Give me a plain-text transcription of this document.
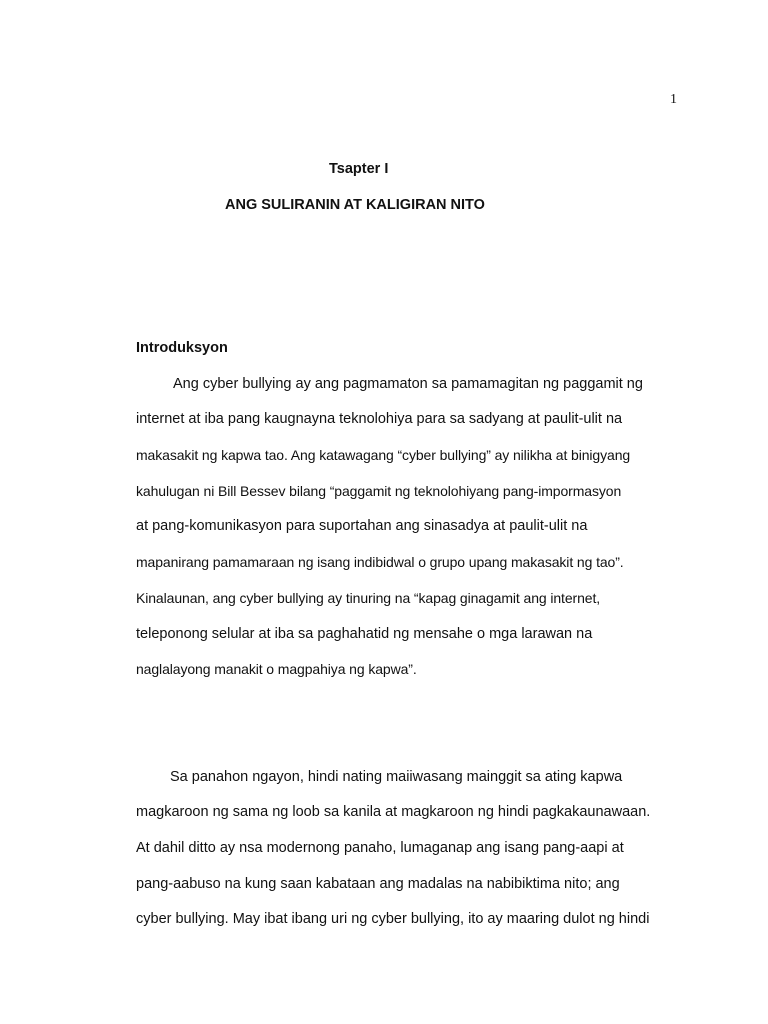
1
Tsapter I
ANG SULIRANIN AT KALIGIRAN NITO
Introduksyon
Ang cyber bullying ay ang pagmamaton sa pamamagitan ng paggamit ng
internet at iba pang kaugnayna teknolohiya para sa sadyang at paulit-ulit na
makasakit ng kapwa tao. Ang katawagang “cyber bullying” ay nilikha at binigyang
kahulugan ni Bill Bessev bilang “paggamit ng teknolohiyang pang-impormasyon
at pang-komunikasyon para suportahan ang sinasadya at paulit-ulit na
mapanirang pamamaraan ng isang indibidwal o grupo upang makasakit ng tao”.
Kinalaunan, ang cyber bullying ay tinuring na “kapag ginagamit ang internet,
teleponong selular at iba sa paghahatid ng mensahe o mga larawan na
naglalayong manakit o magpahiya ng kapwa”.
Sa panahon ngayon, hindi nating maiiwasang mainggit sa ating kapwa
magkaroon ng sama ng loob sa kanila at magkaroon ng hindi pagkakaunawaan.
At dahil ditto ay nsa modernong panaho, lumaganap ang isang pang-aapi at
pang-aabuso na kung saan kabataan ang madalas na nabibiktima nito; ang
cyber bullying. May ibat ibang uri ng cyber bullying, ito ay maaring dulot ng hindi
